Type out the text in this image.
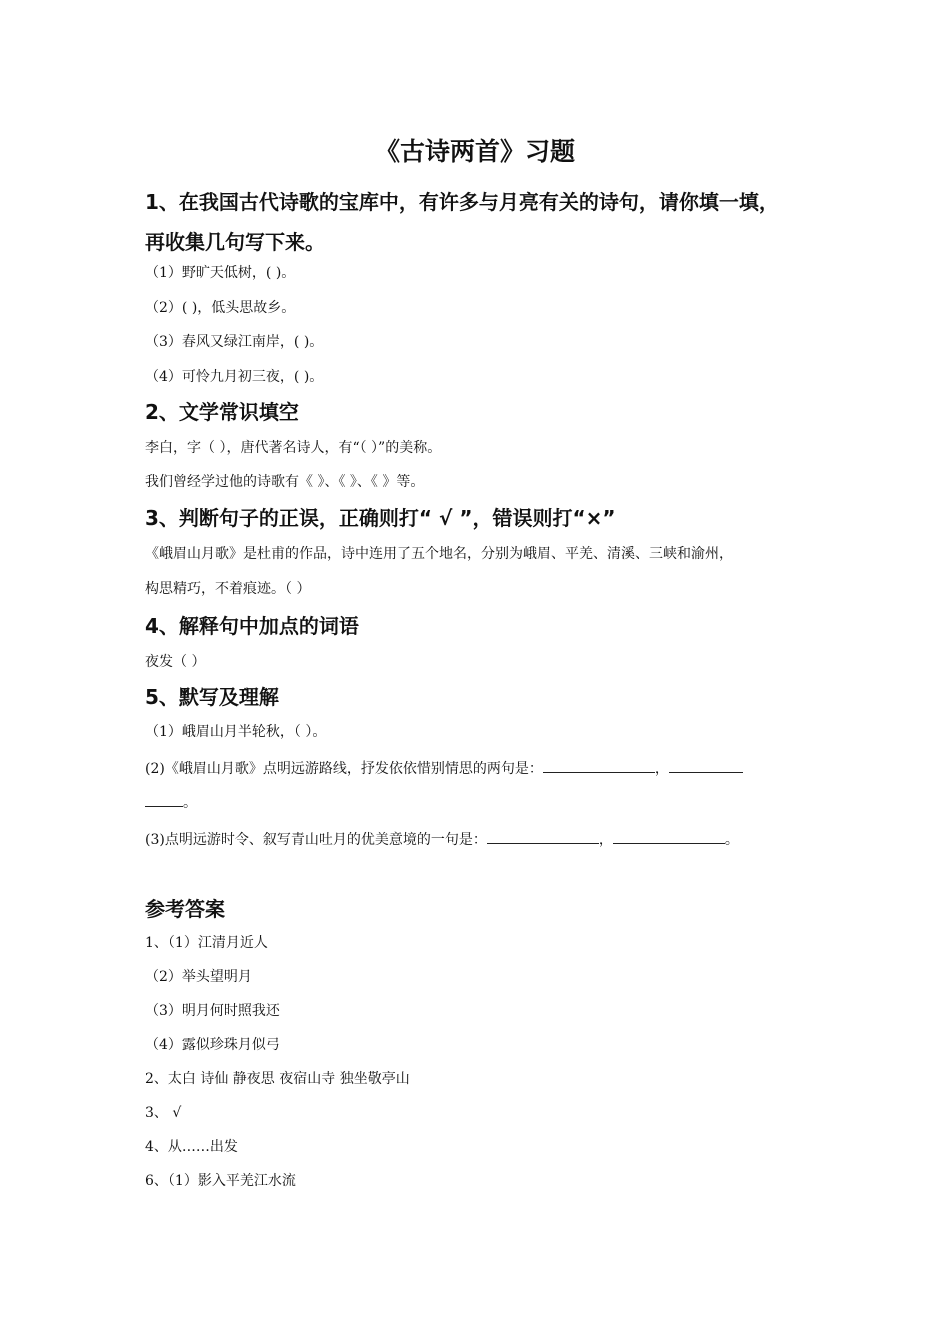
《古诗两首》习题
1、在我国古代诗歌的宝库中，有许多与月亮有关的诗句，请你填一填，
再收集几句写下来。
（1）野旷天低树，( )。
（2）( )，低头思故乡。
（3）春风又绿江南岸，( )。
（4）可怜九月初三夜，( )。
2、文学常识填空
李白，字（ ），唐代著名诗人，有“（ ）”的美称。
我们曾经学过他的诗歌有《 》、《 》、《 》等。
3、判断句子的正误，正确则打“ √ ”，错误则打“×”
《峨眉山月歌》是杜甫的作品，诗中连用了五个地名，分别为峨眉、平羌、清溪、三峡和渝州，
构思精巧，不着痕迹。（ ）
4、解释句中加点的词语
夜发（ ）
5、默写及理解
（1）峨眉山月半轮秋，（ ）。
(2)《峨眉山月歌》点明远游路线，抒发依依惜别情思的两句是：	，
。
(3)点明远游时令、叙写青山吐月的优美意境的一句是：	，	。
参考答案
1、（1）江清月近人
（2）举头望明月
（3）明月何时照我还
（4）露似珍珠月似弓
2、太白 诗仙 静夜思 夜宿山寺 独坐敬亭山
3、 √
4、从……出发
6、（1）影入平羌江水流
